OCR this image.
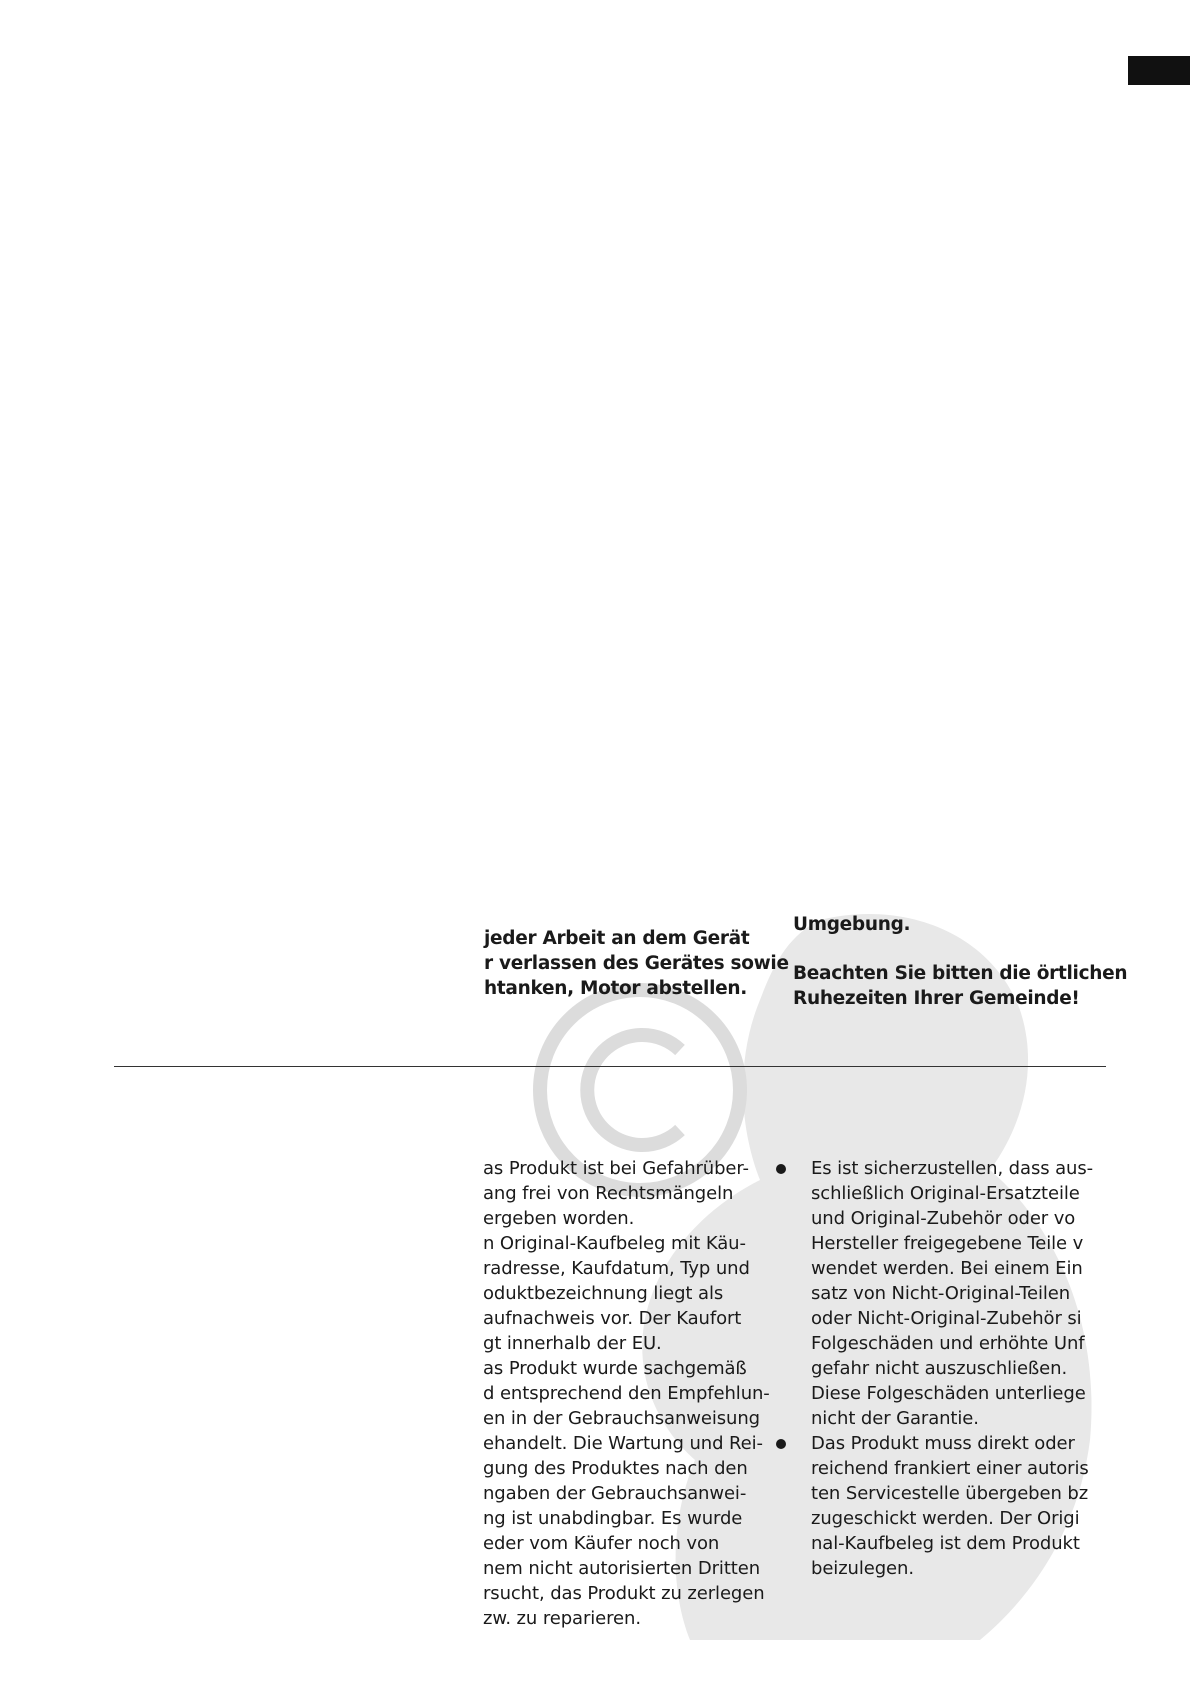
jeder Arbeit an dem Gerät

r verlassen des Gerätes sowie

htanken, Motor abstellen.

Umgebung.

Beachten Sie bitten die örtlichen

Ruhezeiten Ihrer Gemeinde!

as Produkt ist bei Gefahrüber-
ang frei von Rechtsmängeln
ergeben worden.
n Original-Kaufbeleg mit Käu-
radresse, Kaufdatum, Typ und
oduktbezeichnung liegt als
aufnachweis vor. Der Kaufort
gt innerhalb der EU.
as Produkt wurde sachgemäß
d entsprechend den Empfehlun-
en in der Gebrauchsanweisung
ehandelt. Die Wartung und Rei-
gung des Produktes nach den
ngaben der Gebrauchsanwei-
ng ist unabdingbar. Es wurde
eder vom Käufer noch von
nem nicht autorisierten Dritten
rsucht, das Produkt zu zerlegen
zw. zu reparieren.
Es ist sicherzustellen, dass aus-
schließlich Original-Ersatzteile
und Original-Zubehör oder vo
Hersteller freigegebene Teile v
wendet werden. Bei einem Ein
satz von Nicht-Original-Teilen
oder Nicht-Original-Zubehör si
Folgeschäden und erhöhte Unf
gefahr nicht auszuschließen.
Diese Folgeschäden unterliege
nicht der Garantie.
Das Produkt muss direkt oder
reichend frankiert einer autoris
ten Servicestelle übergeben bz
zugeschickt werden. Der Origi
nal-Kaufbeleg ist dem Produkt
beizulegen.
